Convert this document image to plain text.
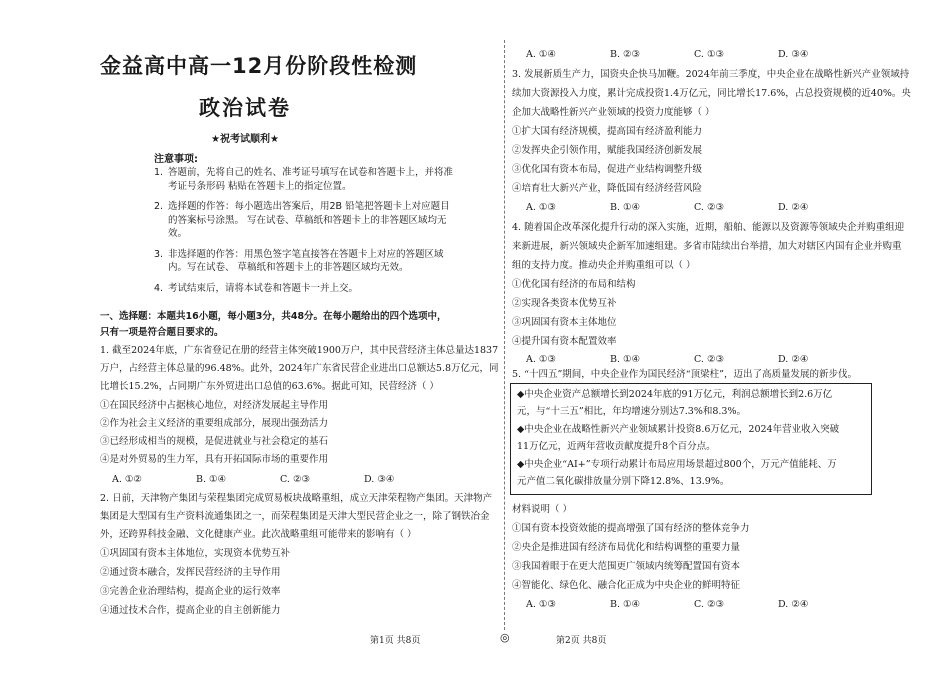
金益高中高一12月份阶段性检测
政治试卷
★祝考试顺利★
注意事项:
1. 答题前，先将自己的姓名、准考证号填写在试卷和答题卡上，并将准考证号条形码 粘贴在答题卡上的指定位置。
2. 选择题的作答：每小题选出答案后，用2B 铅笔把答题卡上对应题目的答案标号涂黑。 写在试卷、草稿纸和答题卡上的非答题区域均无效。
3. 非选择题的作答：用黑色签字笔直接答在答题卡上对应的答题区域内。写在试卷、 草稿纸和答题卡上的非答题区域均无效。
4. 考试结束后，请将本试卷和答题卡一并上交。
一、选择题：本题共16小题，每小题3分，共48分。在每小题给出的四个选项中，
只有一项是符合题目要求的。
1. 截至2024年底，广东省登记在册的经营主体突破1900万户，其中民营经济主体总量达1837
万户，占经营主体总量的96.48%。此外，2024年广东省民营企业进出口总额达5.8万亿元，同
比增长15.2%，占同期广东外贸进出口总值的63.6%。据此可知，民营经济（ ）
①在国民经济中占据核心地位，对经济发展起主导作用
②作为社会主义经济的重要组成部分，展现出强劲活力
③已经形成相当的规模，是促进就业与社会稳定的基石
④是对外贸易的生力军，具有开拓国际市场的重要作用
A. ①②	B. ①④	C. ②③	D. ③④
2. 日前，天津物产集团与荣程集团完成贸易板块战略重组，成立天津荣程物产集团。天津物产
集团是大型国有生产资料流通集团之一，而荣程集团是天津大型民营企业之一，除了钢铁冶金
外，还跨界科技金融、文化健康产业。此次战略重组可能带来的影响有（ ）
①巩固国有资本主体地位，实现资本优势互补
②通过资本融合，发挥民营经济的主导作用
③完善企业治理结构，提高企业的运行效率
④通过技术合作，提高企业的自主创新能力
第1页 共8页	◎
A. ①④	B. ②③	C. ①③	D. ③④
3. 发展新质生产力，国资央企快马加鞭。2024年前三季度，中央企业在战略性新兴产业领域持
续加大资源投入力度，累计完成投资1.4万亿元，同比增长17.6%，占总投资规模的近40%。央
企加大战略性新兴产业领域的投资力度能够（ ）
①扩大国有经济规模，提高国有经济盈利能力
②发挥央企引领作用，赋能我国经济创新发展
③优化国有资本布局，促进产业结构调整升级
④培育壮大新兴产业，降低国有经济经营风险
A. ①③	B. ①④	C. ②③	D. ②④
4. 随着国企改革深化提升行动的深入实施，近期，船舶、能源以及资源等领域央企并购重组迎
来新进展，新兴领域央企新军加速组建。多省市陆续出台举措，加大对辖区内国有企业并购重
组的支持力度。推动央企并购重组可以（ ）
①优化国有经济的布局和结构
②实现各类资本优势互补
③巩固国有资本主体地位
④提升国有资本配置效率
A. ①③	B. ①④	C. ②③	D. ②④
5. “十四五”期间，中央企业作为国民经济“顶梁柱”，迈出了高质量发展的新步伐。
◆中央企业资产总额增长到2024年底的91万亿元，利润总额增长到2.6万亿
元，与“十三五”相比，年均增速分别达7.3%和8.3%。
◆中央企业在战略性新兴产业领域累计投资8.6万亿元，2024年营业收入突破
11万亿元，近两年营收贡献度提升8个百分点。
◆中央企业“AI+”专项行动累计布局应用场景超过800个，万元产值能耗、万
元产值二氧化碳排放量分别下降12.8%、13.9%。
材料说明（ ）
①国有资本投资效能的提高增强了国有经济的整体竞争力
②央企是推进国有经济布局优化和结构调整的重要力量
③我国着眼于在更大范围更广领域内统筹配置国有资本
④智能化、绿色化、融合化正成为中央企业的鲜明特征
A. ①③	B. ①④	C. ②③	D. ②④
第2页 共8页
